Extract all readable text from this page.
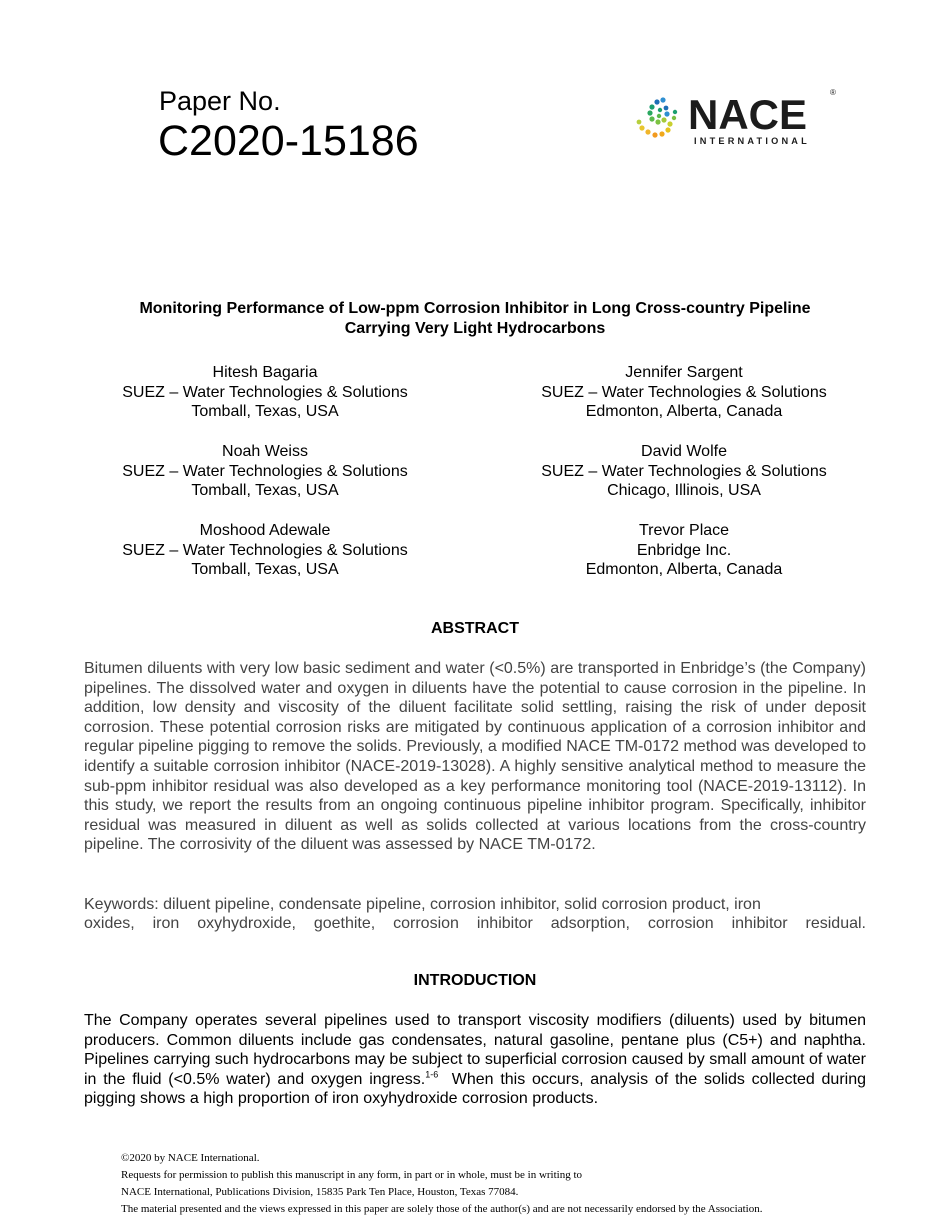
Paper No.
C2020-15186
NACE	®
INTERNATIONAL
Monitoring Performance of Low-ppm Corrosion Inhibitor in Long Cross-country Pipeline
Carrying Very Light Hydrocarbons
Hitesh Bagaria
SUEZ – Water Technologies & Solutions
Tomball, Texas, USA
Jennifer Sargent
SUEZ – Water Technologies & Solutions
Edmonton, Alberta, Canada
Noah Weiss
SUEZ – Water Technologies & Solutions
Tomball, Texas, USA
David Wolfe
SUEZ – Water Technologies & Solutions
Chicago, Illinois, USA
Moshood Adewale
SUEZ – Water Technologies & Solutions
Tomball, Texas, USA
Trevor Place
Enbridge Inc.
Edmonton, Alberta, Canada
ABSTRACT
Bitumen diluents with very low basic sediment and water (<0.5%) are transported in Enbridge’s (the Company) pipelines. The dissolved water and oxygen in diluents have the potential to cause corrosion in the pipeline. In addition, low density and viscosity of the diluent facilitate solid settling, raising the risk of under deposit corrosion. These potential corrosion risks are mitigated by continuous application of a corrosion inhibitor and regular pipeline pigging to remove the solids. Previously, a modified NACE TM-0172 method was developed to identify a suitable corrosion inhibitor (NACE-2019-13028). A highly sensitive analytical method to measure the sub-ppm inhibitor residual was also developed as a key performance monitoring tool (NACE-2019-13112). In this study, we report the results from an ongoing continuous pipeline inhibitor program. Specifically, inhibitor residual was measured in diluent as well as solids collected at various locations from the cross-country pipeline. The corrosivity of the diluent was assessed by NACE TM-0172.
Keywords: diluent pipeline, condensate pipeline, corrosion inhibitor, solid corrosion product, iron
oxides, iron oxyhydroxide, goethite, corrosion inhibitor adsorption, corrosion inhibitor residual.
INTRODUCTION
The Company operates several pipelines used to transport viscosity modifiers (diluents) used by bitumen producers. Common diluents include gas condensates, natural gasoline, pentane plus (C5+) and naphtha. Pipelines carrying such hydrocarbons may be subject to superficial corrosion caused by small amount of water in the fluid (<0.5% water) and oxygen ingress.$^{1-6}$  When this occurs, analysis of the solids collected during pigging shows a high proportion of iron oxyhydroxide corrosion products.
©2020 by NACE International.
Requests for permission to publish this manuscript in any form, in part or in whole, must be in writing to
NACE International, Publications Division, 15835 Park Ten Place, Houston, Texas 77084.
The material presented and the views expressed in this paper are solely those of the author(s) and are not necessarily endorsed by the Association.
